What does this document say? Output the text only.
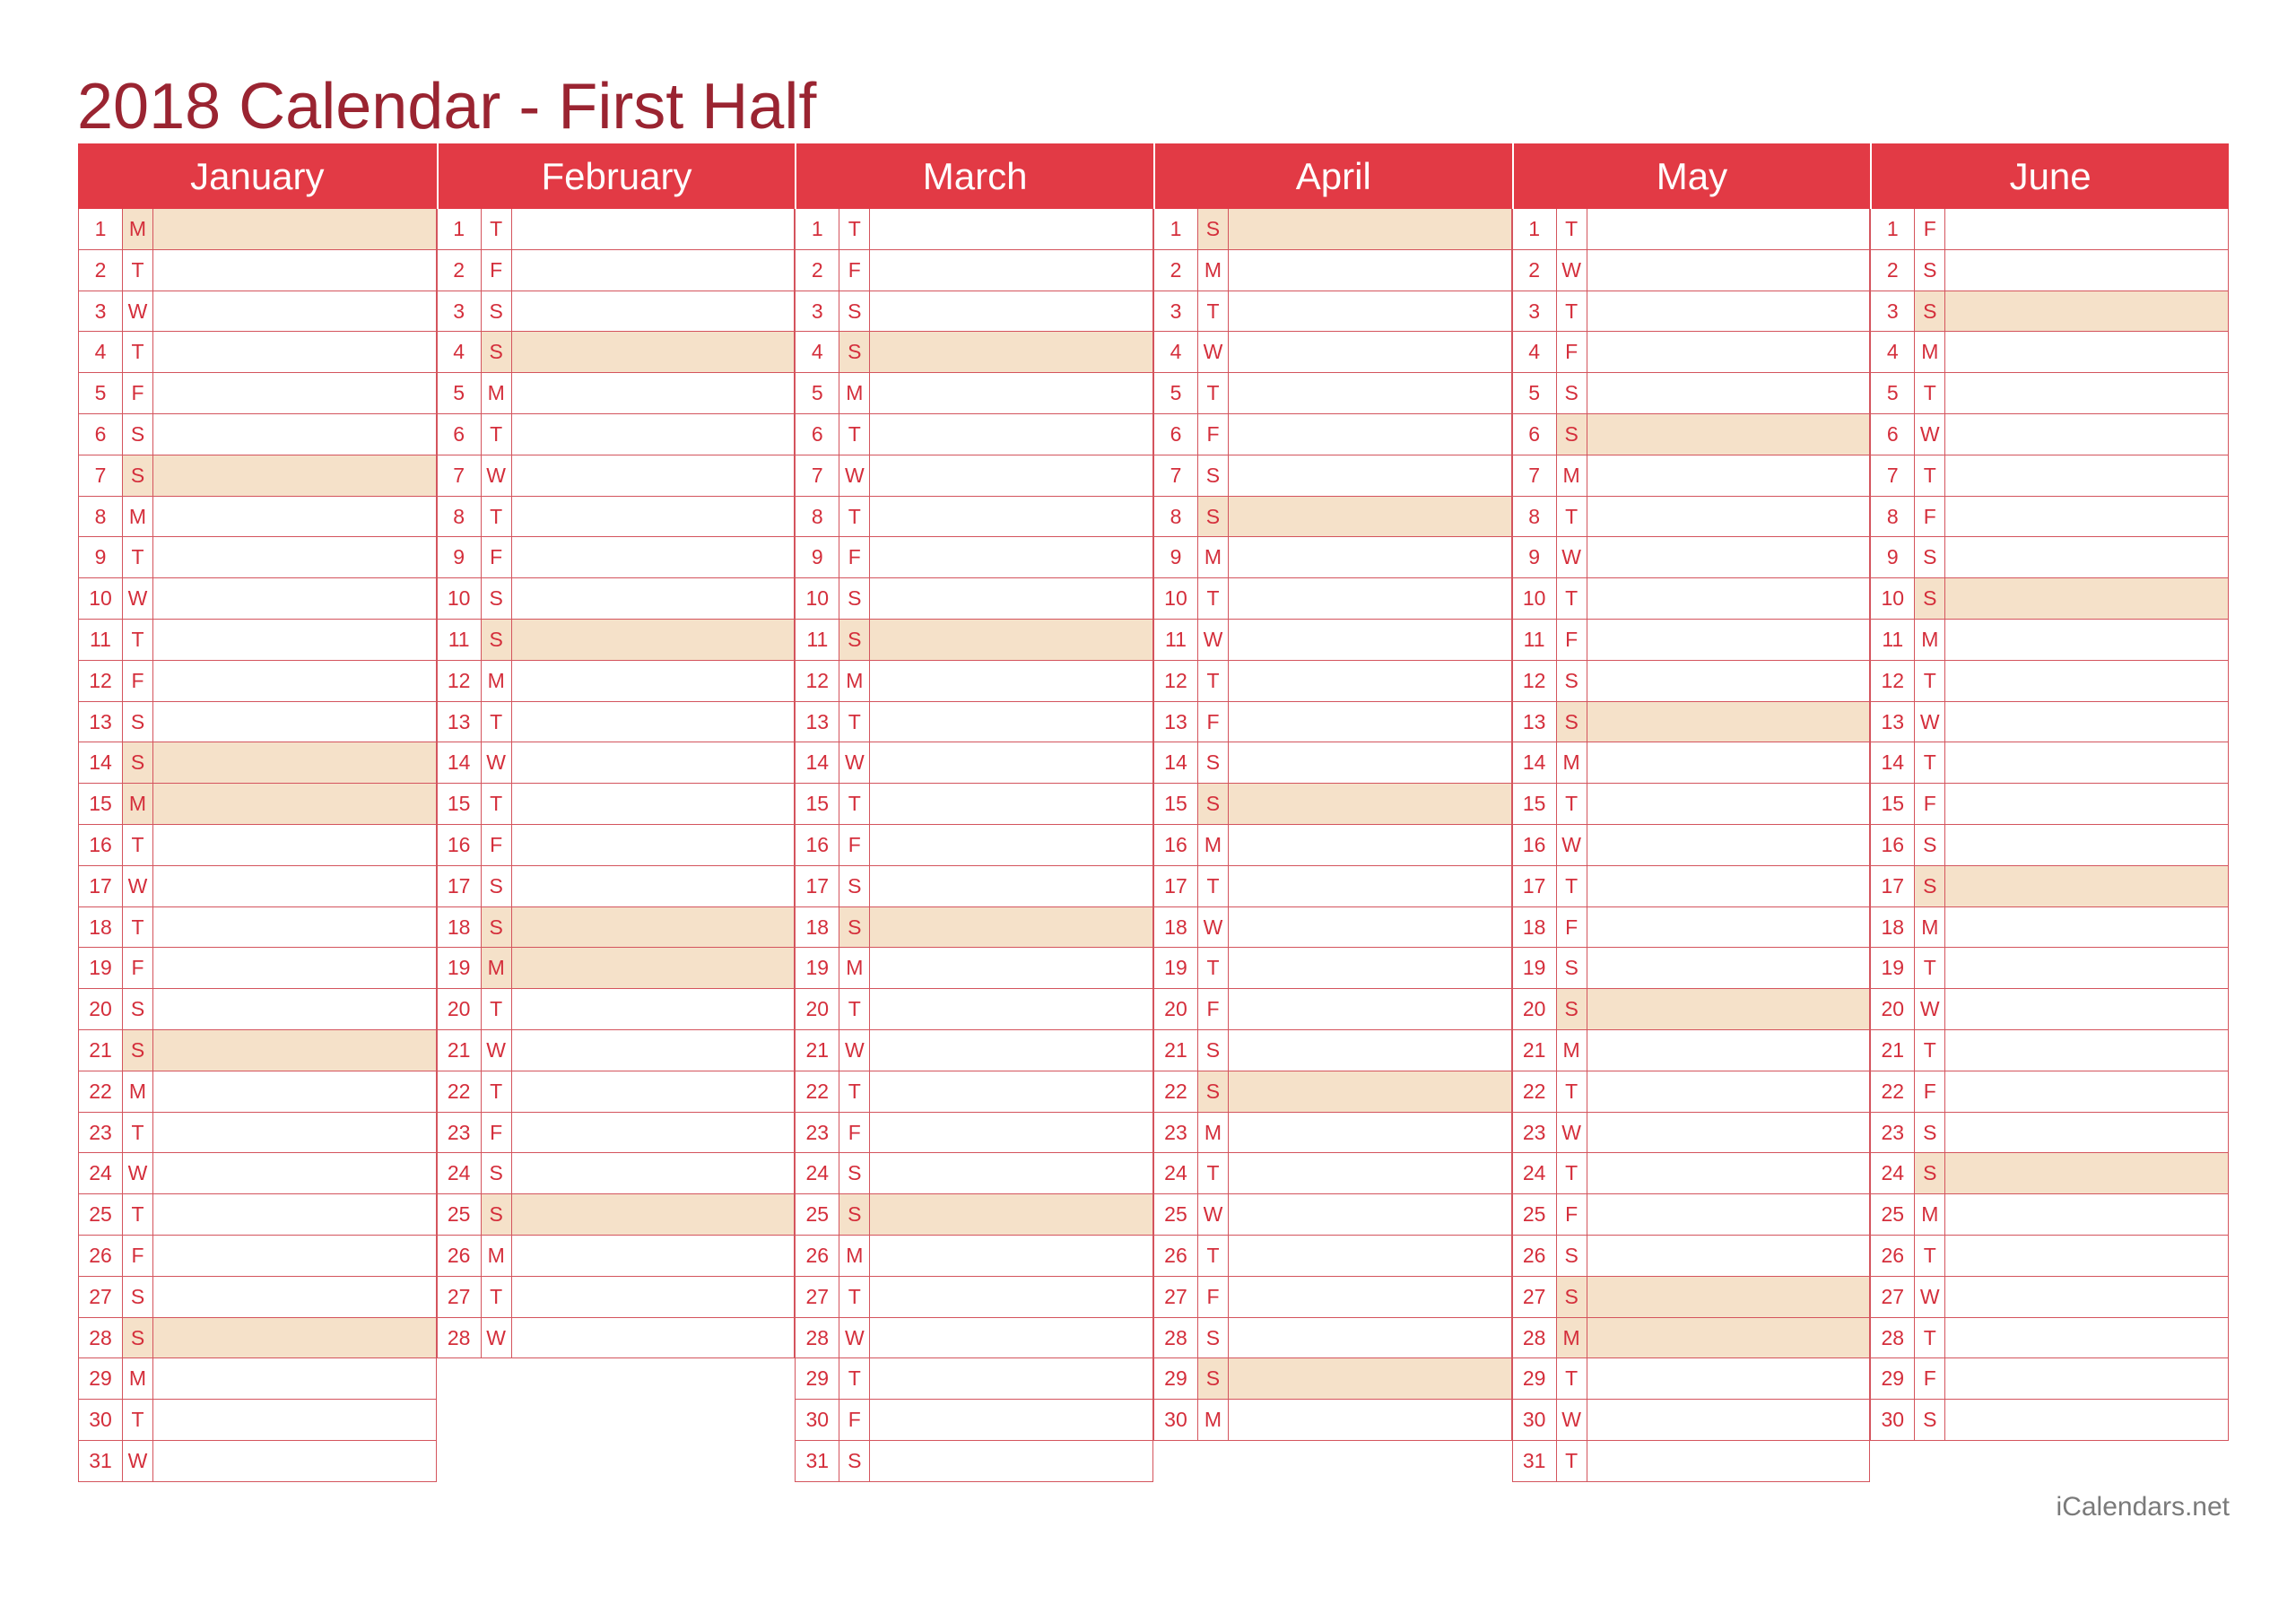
2018 Calendar - First Half
January
1	M
2	T
3	W
4	T
5	F
6	S
7	S
8	M
9	T
10 W
11 T
12 F
13 S
14 S
15 M
16 T
17 W
18 T
19 F
20 S
21 S
22 M
23 T
24 W
25 T
26 F
27 S
28 S
29 M
30 T
31 W
February
1	T
2	F
3	S
4	S
5	M
6	T
7	W
8	T
9	F
10 S
11 S
12 M
13 T
14 W
15 T
16 F
17 S
18 S
19 M
20 T
21 W
22 T
23 F
24 S
25 S
26 M
27 T
28 W
March
1	T
2	F
3	S
4	S
5	M
6	T
7	W
8	T
9	F
10 S
11 S
12 M
13 T
14 W
15 T
16 F
17 S
18 S
19 M
20 T
21 W
22 T
23 F
24 S
25 S
26 M
27 T
28 W
29 T
30 F
31 S
April
1	S
2	M
3	T
4	W
5	T
6	F
7	S
8	S
9	M
10 T
11 W
12 T
13 F
14 S
15 S
16 M
17 T
18 W
19 T
20 F
21 S
22 S
23 M
24 T
25 W
26 T
27 F
28 S
29 S
30 M
May
1	T
2	W
3	T
4	F
5	S
6	S
7	M
8	T
9	W
10 T
11 F
12 S
13 S
14 M
15 T
16 W
17 T
18 F
19 S
20 S
21 M
22 T
23 W
24 T
25 F
26 S
27 S
28 M
29 T
30 W
31 T
June
1	F
2	S
3	S
4	M
5	T
6	W
7	T
8	F
9	S
10 S
11 M
12 T
13 W
14 T
15 F
16 S
17 S
18 M
19 T
20 W
21 T
22 F
23 S
24 S
25 M
26 T
27 W
28 T
29 F
30 S
iCalendars.net
